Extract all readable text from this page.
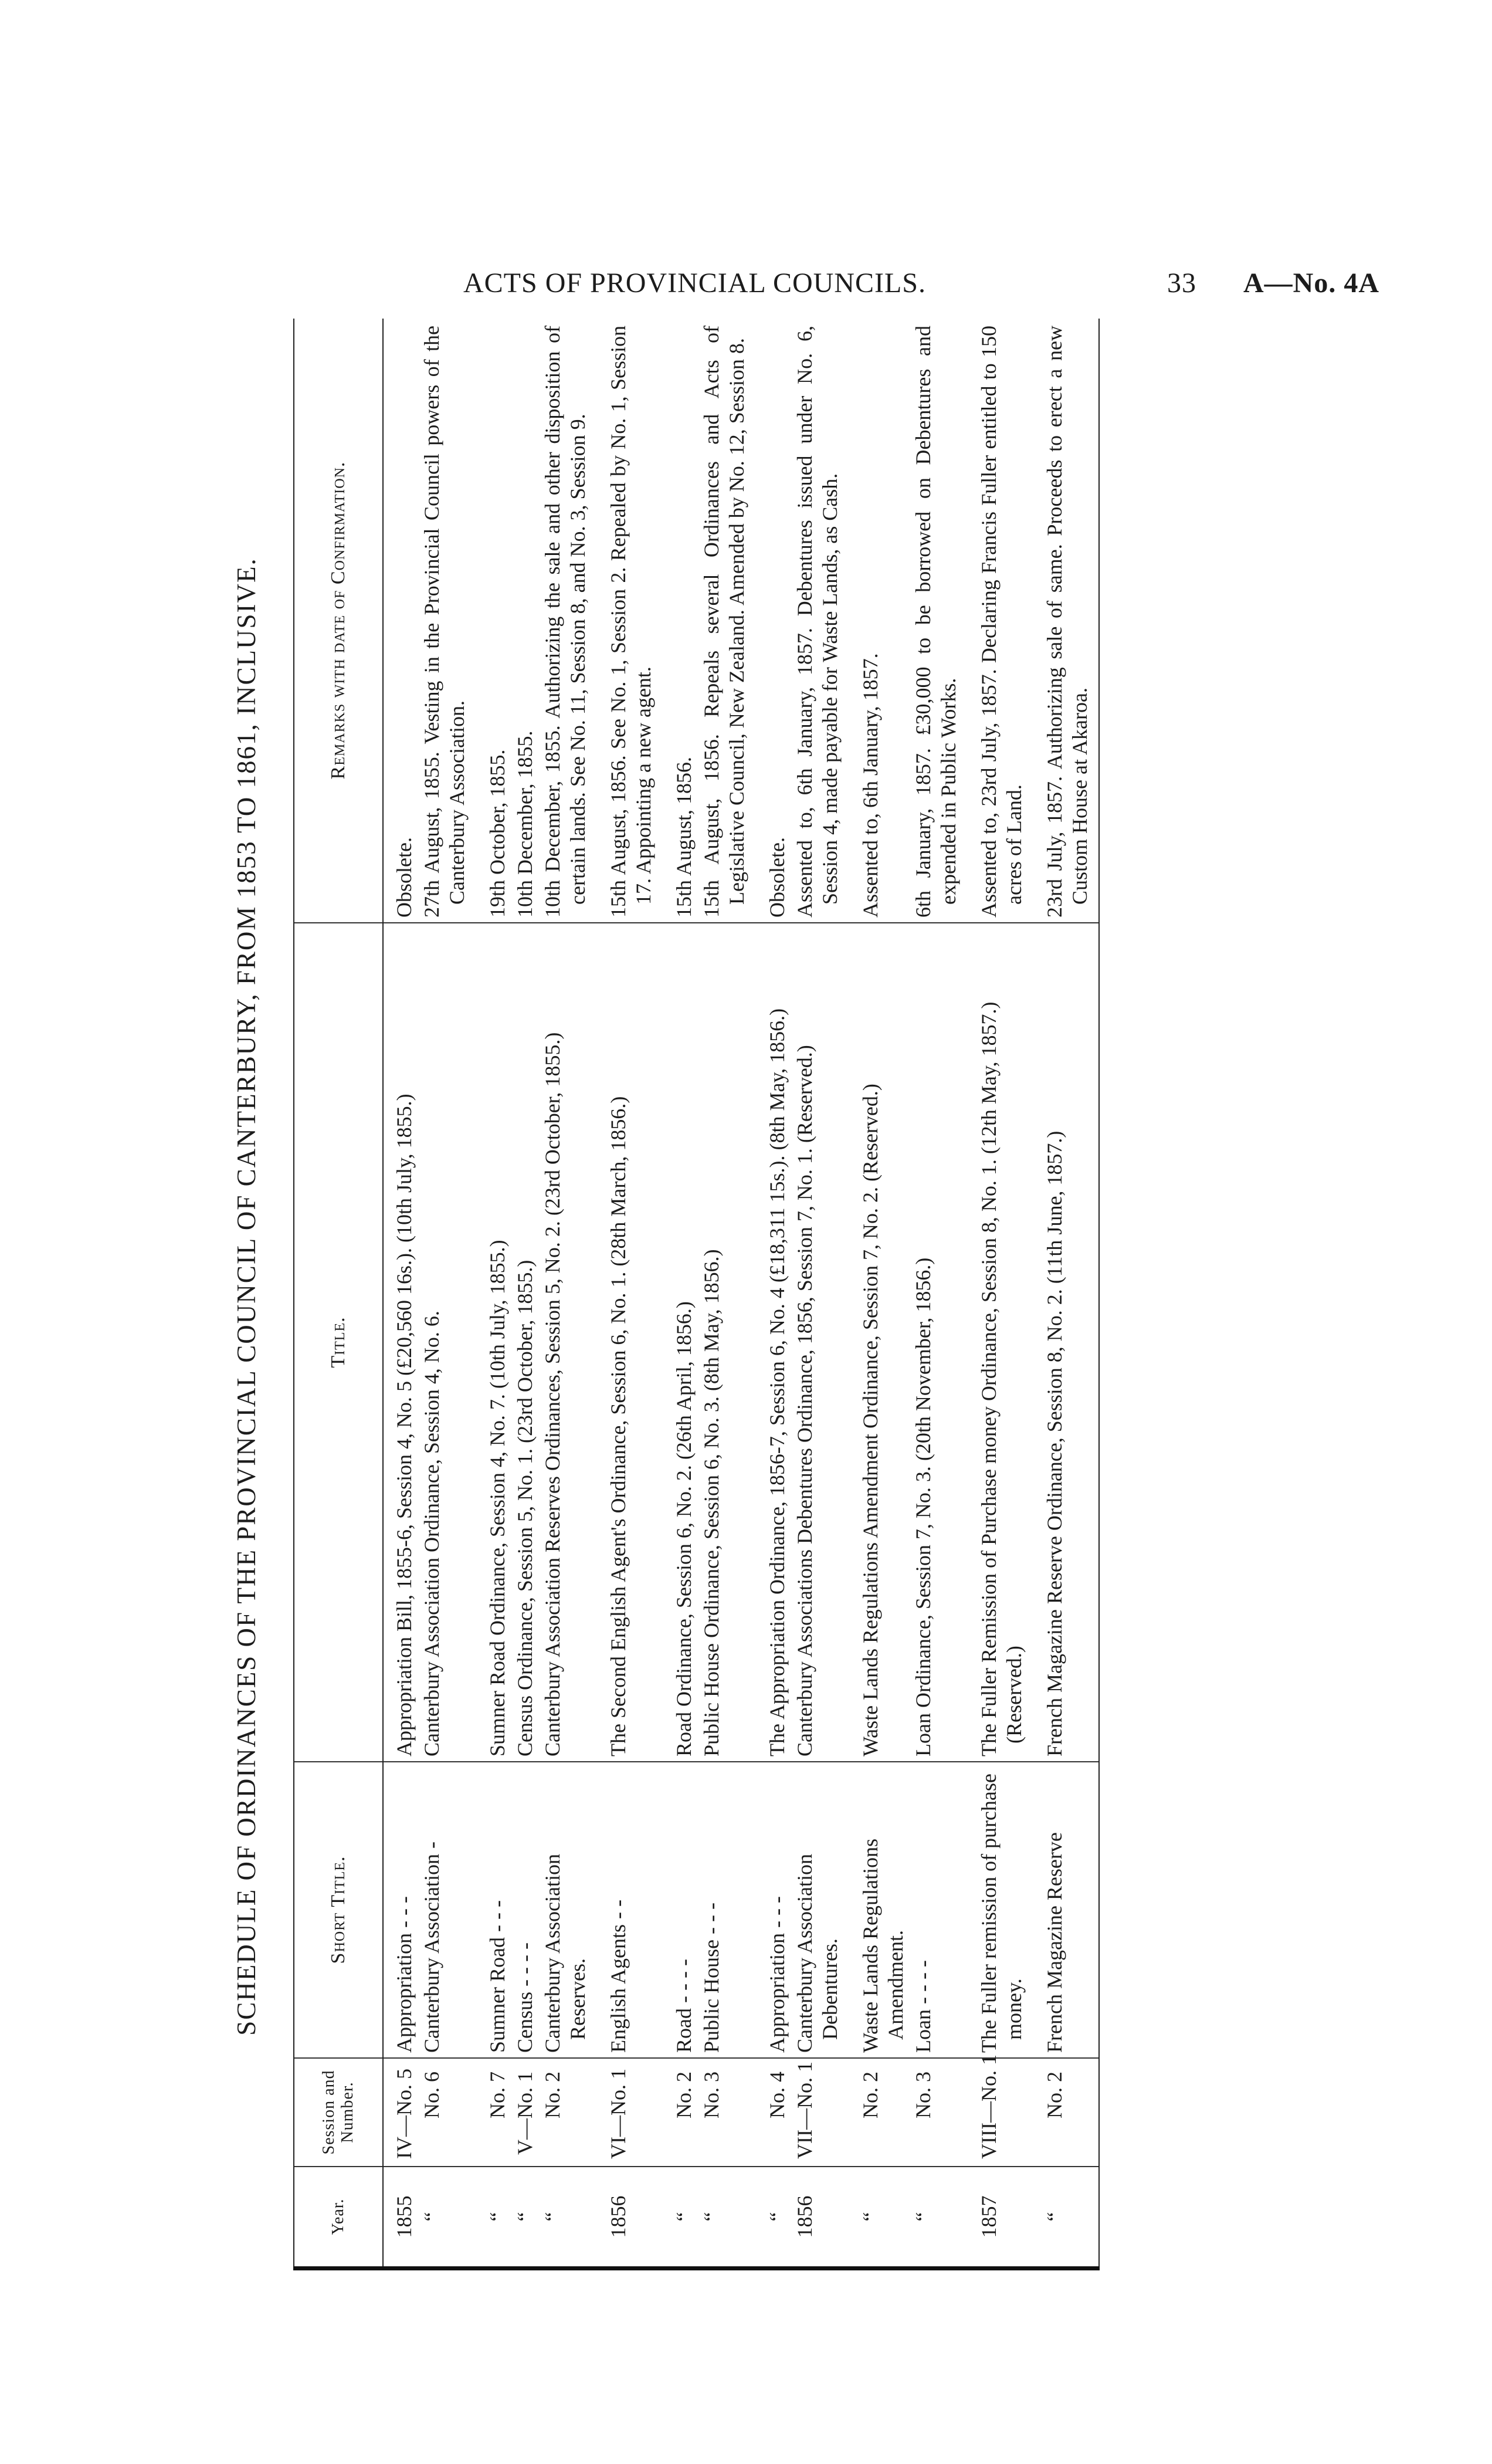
ACTS OF PROVINCIAL COUNCILS.	33 A—No. 4A
SCHEDULE OF ORDINANCES OF THE PROVINCIAL COUNCIL OF CANTERBURY, FROM 1853 TO 1861, INCLUSIVE.
Year.	Session and Number.	Short Title.	Title.	Remarks with date of Confirmation.
1855	IV—No. 5	Appropriation - - -	Appropriation Bill, 1855-6, Session 4, No. 5 (£20,560 16s.). (10th July, 1855.)	Obsolete.
“	No. 6	Canterbury Association -	Canterbury Association Ordinance, Session 4, No. 6.	27th August, 1855. Vesting in the Provincial Council powers of the Canterbury Association.
“	No. 7	Sumner Road - - -	Sumner Road Ordinance, Session 4, No. 7. (10th July, 1855.)	19th October, 1855.
“	V—No. 1	Census - - - -	Census Ordinance, Session 5, No. 1. (23rd October, 1855.)	10th December, 1855.
“	No. 2	Canterbury Association Reserves.	Canterbury Association Reserves Ordinances, Session 5, No. 2. (23rd October, 1855.)	10th December, 1855. Authorizing the sale and other disposition of certain lands. See No. 11, Session 8, and No. 3, Session 9.
1856	VI—No. 1	English Agents - -	The Second English Agent's Ordinance, Session 6, No. 1. (28th March, 1856.)	15th August, 1856. See No. 1, Session 2. Repealed by No. 1, Session 17. Appointing a new agent.
“	No. 2	Road - - - -	Road Ordinance, Session 6, No. 2. (26th April, 1856.)	15th August, 1856.
“	No. 3	Public House - - -	Public House Ordinance, Session 6, No. 3. (8th May, 1856.)	15th August, 1856. Repeals several Ordinances and Acts of Legislative Council, New Zealand. Amended by No. 12, Session 8.
“	No. 4	Appropriation - - -	The Appropriation Ordinance, 1856-7, Session 6, No. 4 (£18,311 15s.). (8th May, 1856.)	Obsolete.
1856	VII—No. 1	Canterbury Association Debentures.	Canterbury Associations Debentures Ordinance, 1856, Session 7, No. 1. (Reserved.)	Assented to, 6th January, 1857. Debentures issued under No. 6, Session 4, made payable for Waste Lands, as Cash.
“	No. 2	Waste Lands Regulations Amendment.	Waste Lands Regulations Amendment Ordinance, Session 7, No. 2. (Reserved.)	Assented to, 6th January, 1857.
“	No. 3	Loan - - - -	Loan Ordinance, Session 7, No. 3. (20th November, 1856.)	6th January, 1857. £30,000 to be borrowed on Debentures and expended in Public Works.
1857	VIII—No. 1	The Fuller remission of purchase money.	The Fuller Remission of Purchase money Ordinance, Session 8, No. 1. (12th May, 1857.) (Reserved.)	Assented to, 23rd July, 1857. Declaring Francis Fuller entitled to 150 acres of Land.
“	No. 2	French Magazine Reserve	French Magazine Reserve Ordinance, Session 8, No. 2. (11th June, 1857.)	23rd July, 1857. Authorizing sale of same. Proceeds to erect a new Custom House at Akaroa.
